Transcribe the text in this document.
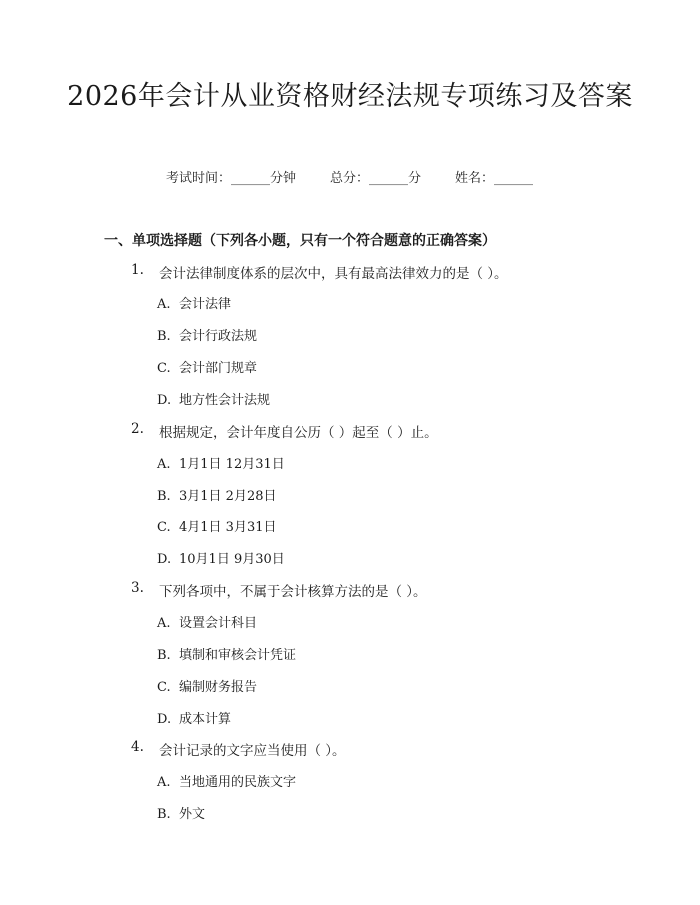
2026年会计从业资格财经法规专项练习及答案
考试时间：______分钟	总分：______分	姓名：______
一、单项选择题（下列各小题，只有一个符合题意的正确答案）
1. 会计法律制度体系的层次中，具有最高法律效力的是（ ）。
A. 会计法律
B. 会计行政法规
C. 会计部门规章
D. 地方性会计法规
2. 根据规定，会计年度自公历（ ）起至（ ）止。
A. 1月1日 12月31日
B. 3月1日 2月28日
C. 4月1日 3月31日
D. 10月1日 9月30日
3. 下列各项中，不属于会计核算方法的是（ ）。
A. 设置会计科目
B. 填制和审核会计凭证
C. 编制财务报告
D. 成本计算
4. 会计记录的文字应当使用（ ）。
A. 当地通用的民族文字
B. 外文
